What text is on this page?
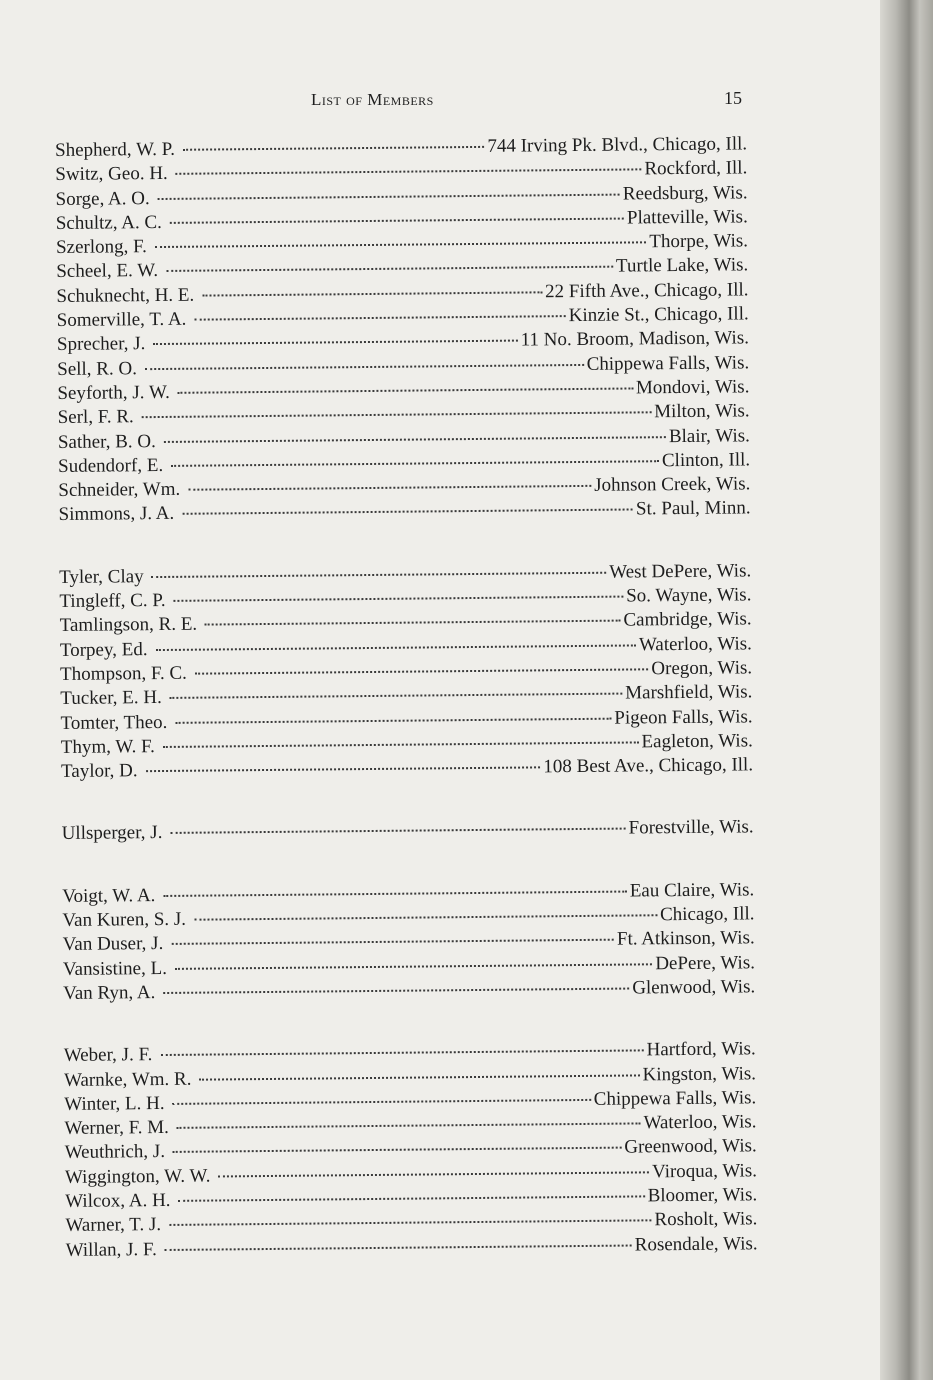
List of Members	15
Shepherd, W. P.	744 Irving Pk. Blvd., Chicago, Ill.
Switz, Geo. H.	Rockford, Ill.
Sorge, A. O.	Reedsburg, Wis.
Schultz, A. C.	Platteville, Wis.
Szerlong, F.	Thorpe, Wis.
Scheel, E. W.	Turtle Lake, Wis.
Schuknecht, H. E.	22 Fifth Ave., Chicago, Ill.
Somerville, T. A.	Kinzie St., Chicago, Ill.
Sprecher, J.	11 No. Broom, Madison, Wis.
Sell, R. O.	Chippewa Falls, Wis.
Seyforth, J. W.	Mondovi, Wis.
Serl, F. R.	Milton, Wis.
Sather, B. O.	Blair, Wis.
Sudendorf, E.	Clinton, Ill.
Schneider, Wm.	Johnson Creek, Wis.
Simmons, J. A.	St. Paul, Minn.
Tyler, Clay	West DePere, Wis.
Tingleff, C. P.	So. Wayne, Wis.
Tamlingson, R. E.	Cambridge, Wis.
Torpey, Ed.	Waterloo, Wis.
Thompson, F. C.	Oregon, Wis.
Tucker, E. H.	Marshfield, Wis.
Tomter, Theo.	Pigeon Falls, Wis.
Thym, W. F.	Eagleton, Wis.
Taylor, D.	108 Best Ave., Chicago, Ill.
Ullsperger, J.	Forestville, Wis.
Voigt, W. A.	Eau Claire, Wis.
Van Kuren, S. J.	Chicago, Ill.
Van Duser, J.	Ft. Atkinson, Wis.
Vansistine, L.	DePere, Wis.
Van Ryn, A.	Glenwood, Wis.
Weber, J. F.	Hartford, Wis.
Warnke, Wm. R.	Kingston, Wis.
Winter, L. H.	Chippewa Falls, Wis.
Werner, F. M.	Waterloo, Wis.
Weuthrich, J.	Greenwood, Wis.
Wiggington, W. W.	Viroqua, Wis.
Wilcox, A. H.	Bloomer, Wis.
Warner, T. J.	Rosholt, Wis.
Willan, J. F.	Rosendale, Wis.
